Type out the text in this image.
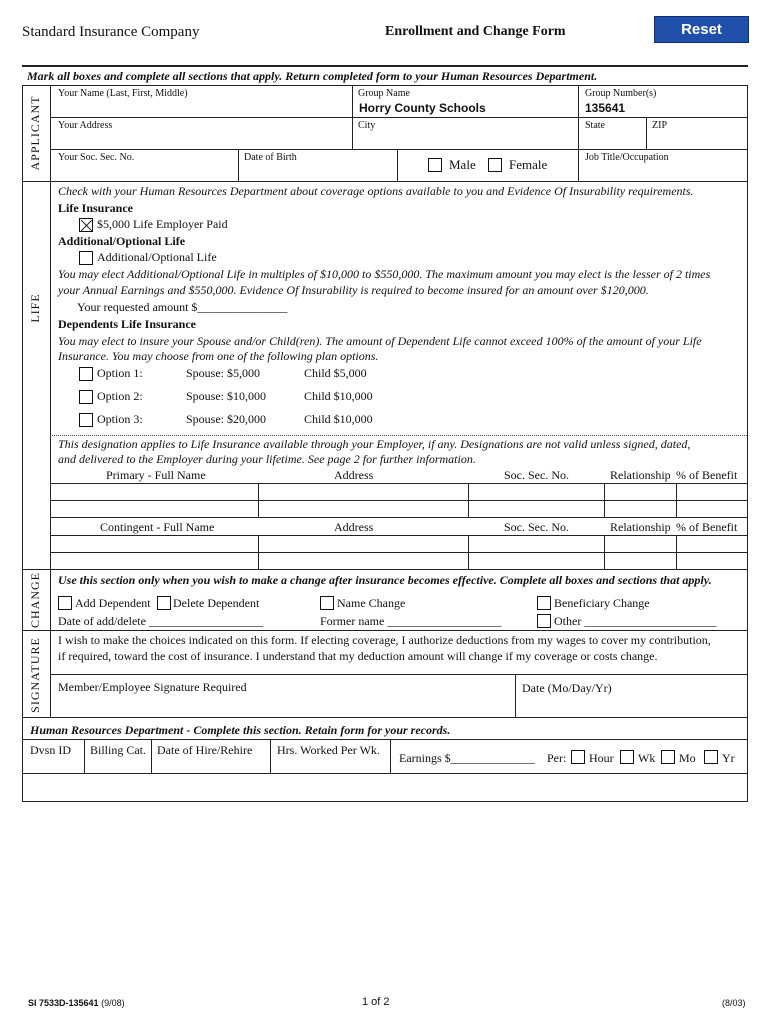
Standard Insurance Company	Enrollment and Change Form	Reset
Mark all boxes and complete all sections that apply. Return completed form to your Human Resources Department.
APPLICANT
Your Name (Last, First, Middle)	Group Name
Horry County Schools
Group Number(s)
135641
Your Address	City	State	ZIP
Your Soc. Sec. No.	Date of Birth	Male	Female	Job Title/Occupation
LIFE
Check with your Human Resources Department about coverage options available to you and Evidence Of Insurability requirements.
Life Insurance
$5,000 Life Employer Paid
Additional/Optional Life
Additional/Optional Life
You may elect Additional/Optional Life in multiples of $10,000 to $550,000. The maximum amount you may elect is the lesser of 2 times
your Annual Earnings and $550,000. Evidence Of Insurability is required to become insured for an amount over $120,000.
Your requested amount $_______________
Dependents Life Insurance
You may elect to insure your Spouse and/or Child(ren). The amount of Dependent Life cannot exceed 100% of the amount of your Life
Insurance. You may choose from one of the following plan options.
Option 1:	Spouse: $5,000	Child $5,000
Option 2:	Spouse: $10,000	Child $10,000
Option 3:	Spouse: $20,000	Child $10,000
This designation applies to Life Insurance available through your Employer, if any. Designations are not valid unless signed, dated,
and delivered to the Employer during your lifetime. See page 2 for further information.
Primary - Full Name	Address	Soc. Sec. No.	Relationship % of Benefit
Contingent - Full Name	Address	Soc. Sec. No.	Relationship % of Benefit
CHANGE Use this section only when you wish to make a change after insurance becomes effective. Complete all boxes and sections that apply.
Add Dependent Delete Dependent	Name Change	Beneficiary Change
Date of add/delete ___________________	Former name ___________________	Other ______________________
SIGNATURE I wish to make the choices indicated on this form. If electing coverage, I authorize deductions from my wages to cover my contribution,
if required, toward the cost of insurance. I understand that my deduction amount will change if my coverage or costs change.
Member/Employee Signature Required	Date (Mo/Day/Yr)
Human Resources Department - Complete this section. Retain form for your records.
Dvsn ID Billing Cat. Date of Hire/Rehire Hrs. Worked Per Wk.
Earnings $______________ Per: Hour Wk Mo Yr
SI 7533D-135641 (9/08)	1 of 2	(8/03)
